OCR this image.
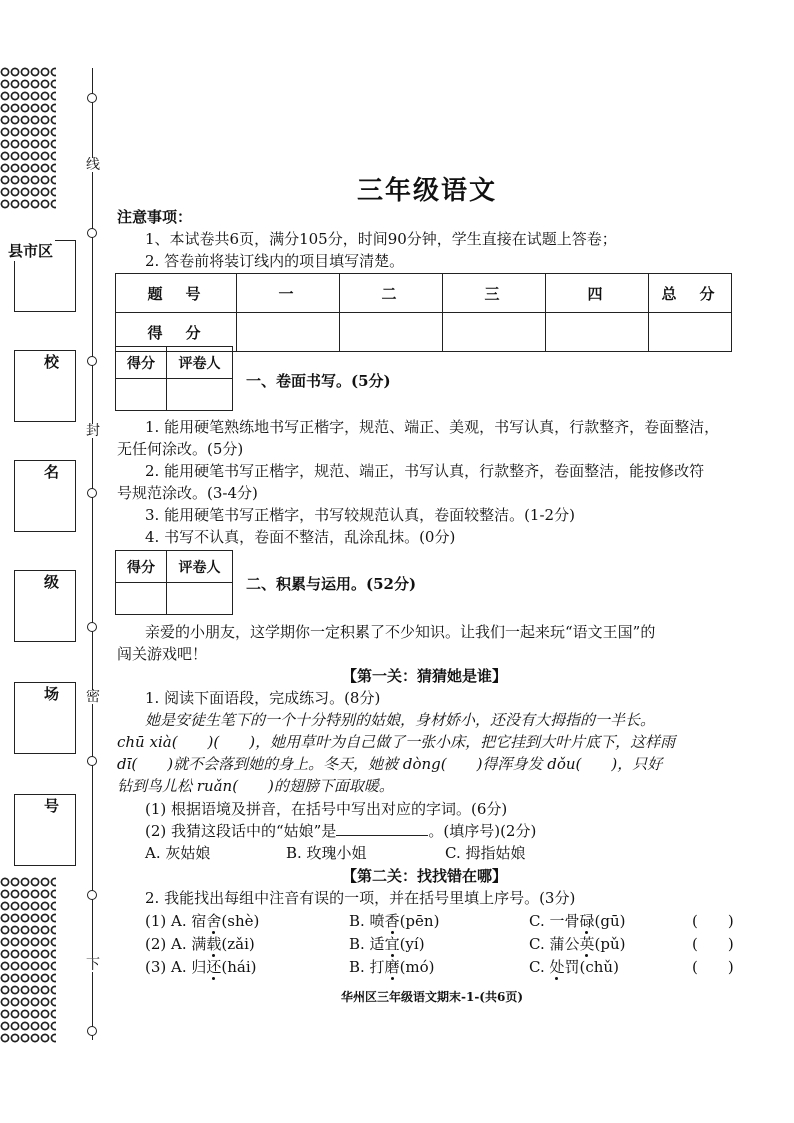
线
封
密
下
县市区
校
名
级
场
号
三年级语文
注意事项：
1、本试卷共6页，满分105分，时间90分钟，学生直接在试题上答卷；
2. 答卷前将装订线内的项目填写清楚。
题　号	一	二	三	四	总　分
得　分					
得分	评卷人

一、卷面书写。(5分)
1. 能用硬笔熟练地书写正楷字，规范、端正、美观，书写认真，行款整齐，卷面整洁，
无任何涂改。(5分)
2. 能用硬笔书写正楷字，规范、端正，书写认真，行款整齐，卷面整洁，能按修改符
号规范涂改。(3-4分)
3. 能用硬笔书写正楷字，书写较规范认真，卷面较整洁。(1-2分)
4. 书写不认真，卷面不整洁，乱涂乱抹。(0分)
得分	评卷人

二、积累与运用。(52分)
亲爱的小朋友，这学期你一定积累了不少知识。让我们一起来玩“语文王国”的
闯关游戏吧！
【第一关：猜猜她是谁】
1. 阅读下面语段，完成练习。(8分)
她是安徒生笔下的一个十分特别的姑娘，身材娇小，还没有大拇指的一半长。
chū xià(　　)(　　)，她用草叶为自己做了一张小床，把它挂到大叶片底下，这样雨
dī(　　)就不会落到她的身上。冬天，她被 dòng(　　)得浑身发 dǒu(　　)，只好
钻到鸟儿松 ruǎn(　　)的翅膀下面取暖。
(1) 根据语境及拼音，在括号中写出对应的字词。(6分)
(2) 我猜这段话中的“姑娘”是	。(填序号)(2分)
A. 灰姑娘	B. 玫瑰小姐	C. 拇指姑娘
【第二关：找找错在哪】
2. 我能找出每组中注音有误的一项，并在括号里填上序号。(3分)
(1) A. 宿舍(shè)	B. 喷香(pēn)	C. 一骨碌(gū)	(　　)
(2) A. 满载(zǎi)	B. 适宜(yí)	C. 蒲公英(pǔ)	(　　)
(3) A. 归还(hái)	B. 打磨(mó)	C. 处罚(chǔ)	(　　)
华州区三年级语文期末-1-(共6页)
